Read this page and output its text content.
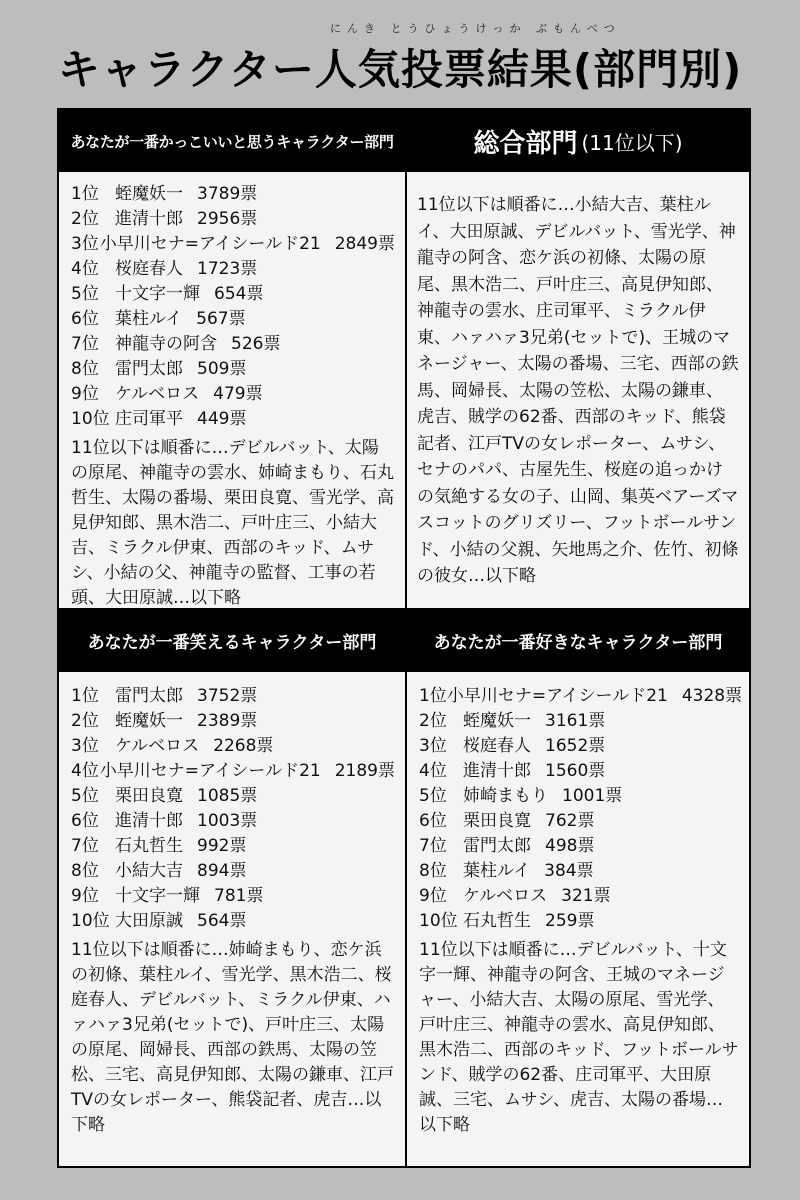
にんき とうひょうけっか ぶもんべつ
キャラクター人気投票結果(部門別)
あなたが一番かっこいいと思うキャラクター部門
1位 蛭魔妖一 3789票
2位 進清十郎 2956票
3位 小早川セナ=アイシールド21 2849票
4位 桜庭春人 1723票
5位 十文字一輝 654票
6位 葉柱ルイ 567票
7位 神龍寺の阿含 526票
8位 雷門太郎 509票
9位 ケルベロス 479票
10位 庄司軍平 449票

11位以下は順番に…デビルバット、太陽の原尾、神龍寺の雲水、姉崎まもり、石丸哲生、太陽の番場、栗田良寛、雪光学、高見伊知郎、黒木浩二、戸叶庄三、小結大吉、ミラクル伊東、西部のキッド、ムサシ、小結の父、神龍寺の監督、工事の若頭、大田原誠…以下略

総合部門 (11位以下)

11位以下は順番に…小結大吉、葉柱ルイ、大田原誠、デビルバット、雪光学、神龍寺の阿含、恋ケ浜の初條、太陽の原尾、黒木浩二、戸叶庄三、高見伊知郎、神龍寺の雲水、庄司軍平、ミラクル伊東、ハァハァ3兄弟(セットで)、王城のマネージャー、太陽の番場、三宅、西部の鉄馬、岡婦長、太陽の笠松、太陽の鎌車、虎吉、賊学の62番、西部のキッド、熊袋記者、江戸TVの女レポーター、ムサシ、セナのパパ、古屋先生、桜庭の追っかけの気絶する女の子、山岡、集英ベアーズマスコットのグリズリー、フットボールサンド、小結の父親、矢地馬之介、佐竹、初條の彼女…以下略

あなたが一番笑えるキャラクター部門
1位 雷門太郎 3752票
2位 蛭魔妖一 2389票
3位 ケルベロス 2268票
4位 小早川セナ=アイシールド21 2189票
5位 栗田良寛 1085票
6位 進清十郎 1003票
7位 石丸哲生 992票
8位 小結大吉 894票
9位 十文字一輝 781票
10位 大田原誠 564票

11位以下は順番に…姉崎まもり、恋ケ浜の初條、葉柱ルイ、雪光学、黒木浩二、桜庭春人、デビルバット、ミラクル伊東、ハァハァ3兄弟(セットで)、戸叶庄三、太陽の原尾、岡婦長、西部の鉄馬、太陽の笠松、三宅、高見伊知郎、太陽の鎌車、江戸TVの女レポーター、熊袋記者、虎吉…以下略

あなたが一番好きなキャラクター部門
1位 小早川セナ=アイシールド21 4328票
2位 蛭魔妖一 3161票
3位 桜庭春人 1652票
4位 進清十郎 1560票
5位 姉崎まもり 1001票
6位 栗田良寛 762票
7位 雷門太郎 498票
8位 葉柱ルイ 384票
9位 ケルベロス 321票
10位 石丸哲生 259票

11位以下は順番に…デビルバット、十文字一輝、神龍寺の阿含、王城のマネージャー、小結大吉、太陽の原尾、雪光学、戸叶庄三、神龍寺の雲水、高見伊知郎、黒木浩二、西部のキッド、フットボールサンド、賊学の62番、庄司軍平、大田原誠、三宅、ムサシ、虎吉、太陽の番場…以下略
